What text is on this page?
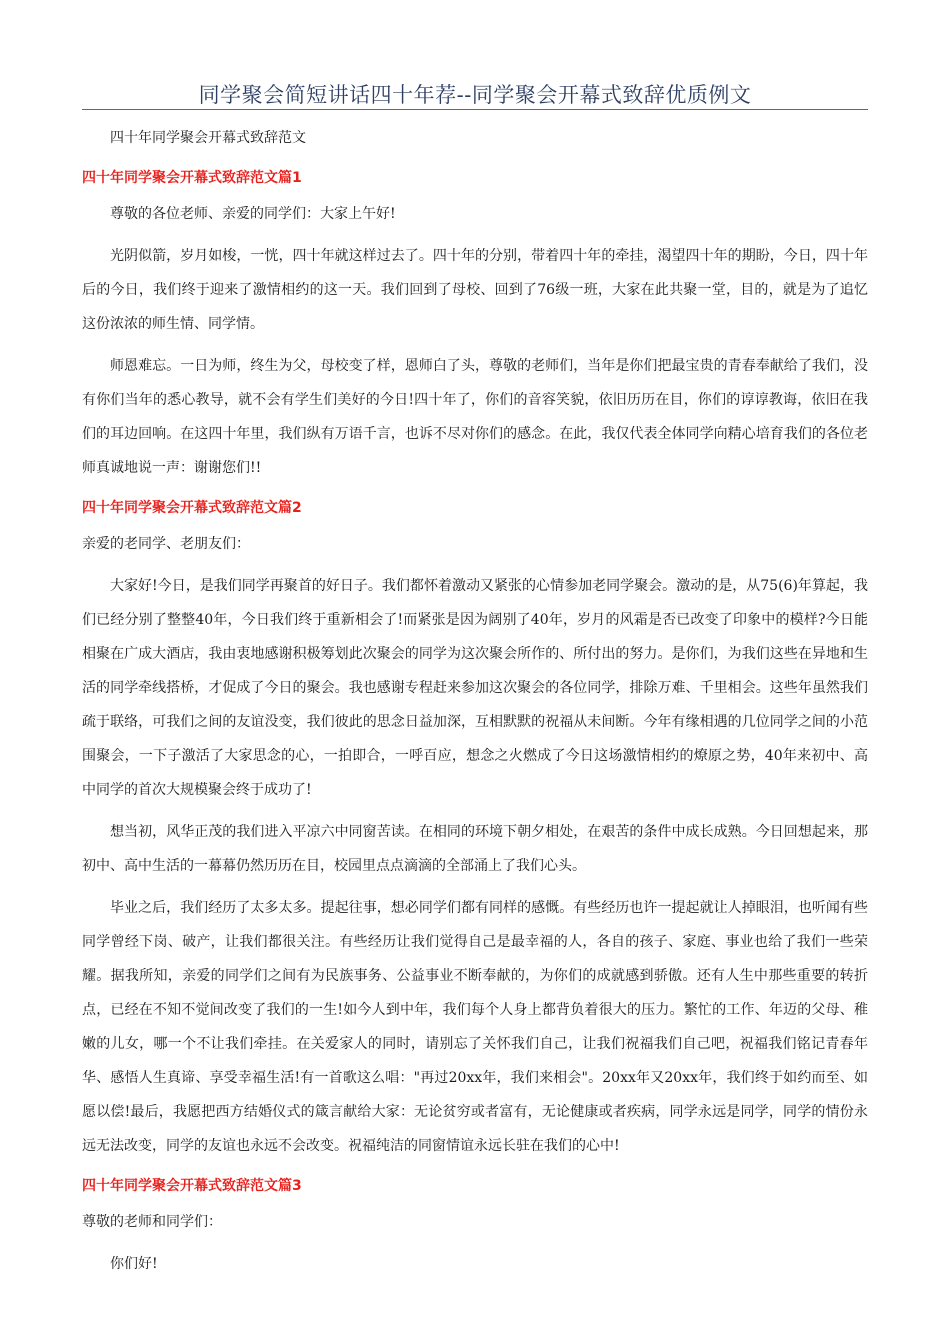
同学聚会简短讲话四十年荐--同学聚会开幕式致辞优质例文

四十年同学聚会开幕式致辞范文

四十年同学聚会开幕式致辞范文篇1

尊敬的各位老师、亲爱的同学们：大家上午好!

光阴似箭，岁月如梭，一恍，四十年就这样过去了。四十年的分别，带着四十年的牵挂，渴望四十年的期盼，今日，四十年后的今日，我们终于迎来了激情相约的这一天。我们回到了母校、回到了76级一班，大家在此共聚一堂，目的，就是为了追忆这份浓浓的师生情、同学情。

师恩难忘。一日为师，终生为父，母校变了样，恩师白了头，尊敬的老师们，当年是你们把最宝贵的青春奉献给了我们，没有你们当年的悉心教导，就不会有学生们美好的今日!四十年了，你们的音容笑貌，依旧历历在目，你们的谆谆教诲，依旧在我们的耳边回响。在这四十年里，我们纵有万语千言，也诉不尽对你们的感念。在此，我仅代表全体同学向精心培育我们的各位老师真诚地说一声：谢谢您们!!

四十年同学聚会开幕式致辞范文篇2

亲爱的老同学、老朋友们：

大家好!今日，是我们同学再聚首的好日子。我们都怀着激动又紧张的心情参加老同学聚会。激动的是，从75(6)年算起，我们已经分别了整整40年，今日我们终于重新相会了!而紧张是因为阔别了40年，岁月的风霜是否已改变了印象中的模样?今日能相聚在广成大酒店，我由衷地感谢积极筹划此次聚会的同学为这次聚会所作的、所付出的努力。是你们，为我们这些在异地和生活的同学牵线搭桥，才促成了今日的聚会。我也感谢专程赶来参加这次聚会的各位同学，排除万难、千里相会。这些年虽然我们疏于联络，可我们之间的友谊没变，我们彼此的思念日益加深，互相默默的祝福从未间断。今年有缘相遇的几位同学之间的小范围聚会，一下子激活了大家思念的心，一拍即合，一呼百应，想念之火燃成了今日这场激情相约的燎原之势，40年来初中、高中同学的首次大规模聚会终于成功了!

想当初，风华正茂的我们进入平凉六中同窗苦读。在相同的环境下朝夕相处，在艰苦的条件中成长成熟。今日回想起来，那初中、高中生活的一幕幕仍然历历在目，校园里点点滴滴的全部涌上了我们心头。

毕业之后，我们经历了太多太多。提起往事，想必同学们都有同样的感慨。有些经历也许一提起就让人掉眼泪，也听闻有些同学曾经下岗、破产，让我们都很关注。有些经历让我们觉得自己是最幸福的人，各自的孩子、家庭、事业也给了我们一些荣耀。据我所知，亲爱的同学们之间有为民族事务、公益事业不断奉献的，为你们的成就感到骄傲。还有人生中那些重要的转折点，已经在不知不觉间改变了我们的一生!如今人到中年，我们每个人身上都背负着很大的压力。繁忙的工作、年迈的父母、稚嫩的儿女，哪一个不让我们牵挂。在关爱家人的同时，请别忘了关怀我们自己，让我们祝福我们自己吧，祝福我们铭记青春年华、感悟人生真谛、享受幸福生活!有一首歌这么唱："再过20xx年，我们来相会"。20xx年又20xx年，我们终于如约而至、如愿以偿!最后，我愿把西方结婚仪式的箴言献给大家：无论贫穷或者富有，无论健康或者疾病，同学永远是同学，同学的情份永远无法改变，同学的友谊也永远不会改变。祝福纯洁的同窗情谊永远长驻在我们的心中!

四十年同学聚会开幕式致辞范文篇3

尊敬的老师和同学们：

你们好!
